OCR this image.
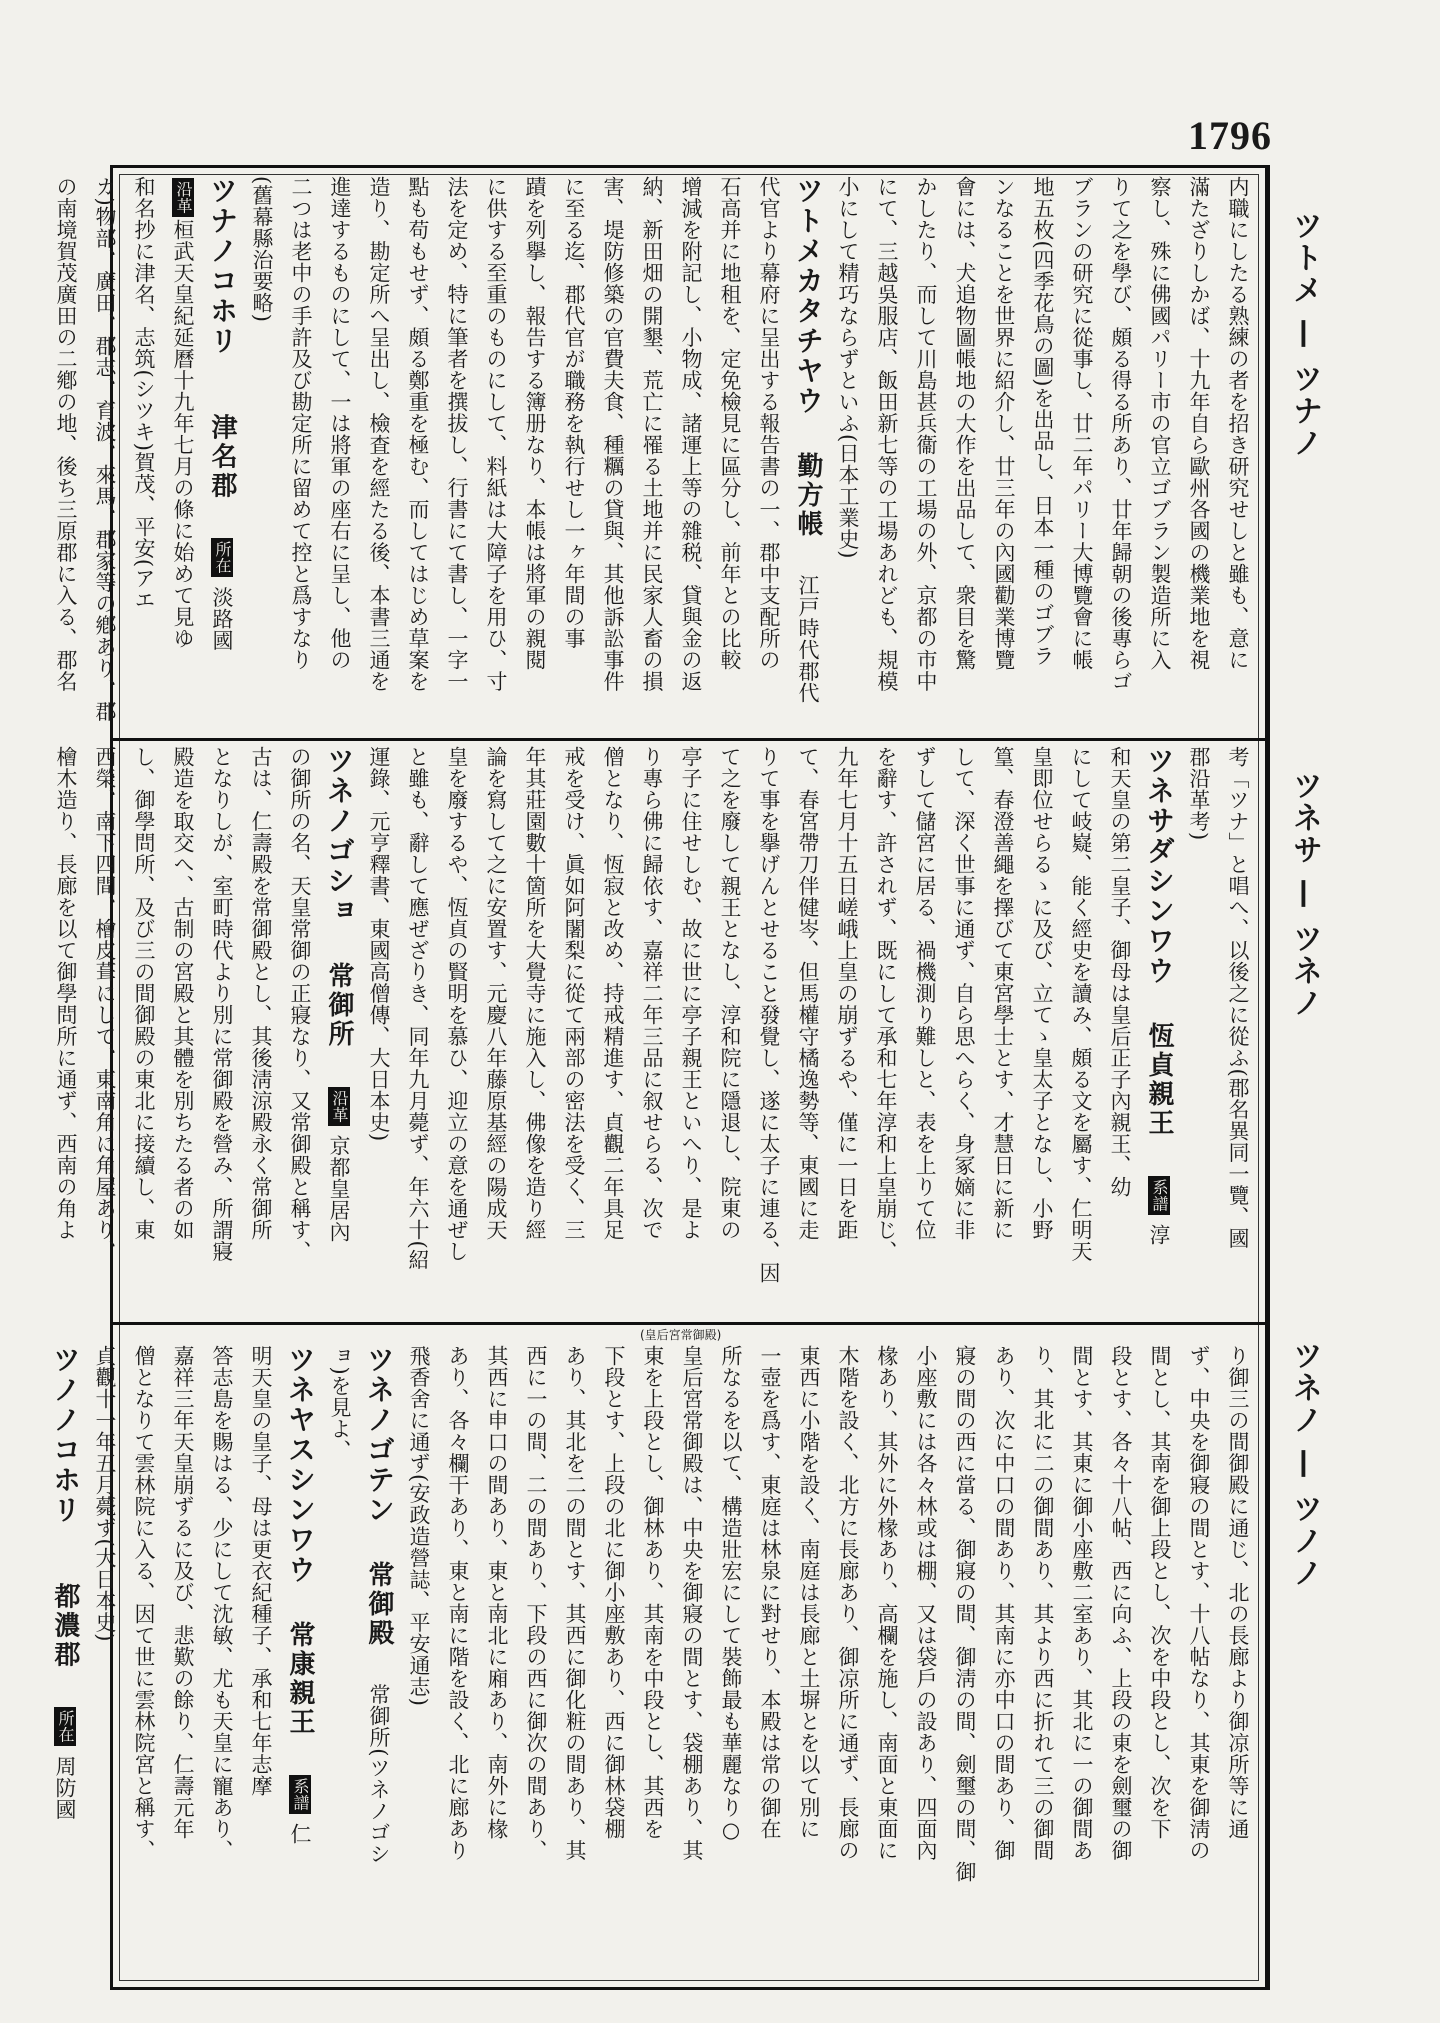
1796
ツトメ — ツナノ
ツネサ — ツネノ
ツネノ — ツノノ
内職にしたる熟練の者を招き研究せしと雖も、意に
滿たざりしかば、十九年自ら歐州各國の機業地を視
察し、殊に佛國パリー市の官立ゴブラン製造所に入
りて之を學び、頗る得る所あり、廿年歸朝の後專らゴ
ブランの研究に從事し、廿二年パリー大博覽會に帳
地五枚(四季花鳥の圖)を出品し、日本一種のゴブラ
ンなることを世界に紹介し、廿三年の內國勸業博覽
會には、犬追物圖帳地の大作を出品して、衆目を驚
かしたり、而して川島甚兵衞の工場の外、京都の市中
にて、三越吳服店、飯田新七等の工場あれども、規模
小にして精巧ならずといふ(日本工業史)
ツトメカタチヤウ 　 勤方帳 　 江戸時代郡代
代官より幕府に呈出する報告書の一、郡中支配所の
石高并に地租を、定免檢見に區分し、前年との比較
增減を附記し、小物成、諸運上等の雜税、貸與金の返
納、新田畑の開墾、荒亡に罹る土地并に民家人畜の損
害、堤防修築の官費夫食、種糲の貸與、其他訴訟事件
に至る迄、郡代官が職務を執行せし一ヶ年間の事
蹟を列擧し、報告する簿册なり、本帳は將軍の親閱
に供する至重のものにして、料紙は大障子を用ひ、寸
法を定め、特に筆者を撰拔し、行書にて書し、一字一
點も苟もせず、頗る鄭重を極む、而してはじめ草案を
造り、勘定所へ呈出し、檢査を經たる後、本書三通を
進達するものにして、一は將軍の座右に呈し、他の
二つは老中の手許及び勘定所に留めて控と爲すなり
(舊幕縣治要略)
ツナノコホリ 　　 津名郡 　 所在 淡路國
沿革桓武天皇紀延曆十九年七月の條に始めて見ゆ
和名抄に津名、志筑(シツキ)賀茂、平安(アエ
カ)物部、廣田、郡志、育波、來馬、郡家等の鄕あり、郡
の南境賀茂廣田の二鄕の地、後ち三原郡に入る、郡名
考「ツナ」と唱へ、以後之に從ふ(郡名異同一覽、國
郡沿革考)
ツネサダシンワウ 　 恆貞親王 　 系譜 淳
和天皇の第二皇子、御母は皇后正子內親王、幼
にして岐嶷、能く經史を讀み、頗る文を屬す、仁明天
皇即位せらるゝに及び、立てゝ皇太子となし、小野
篁、春澄善繩を擇びて東宮學士とす、才慧日に新に
して、深く世事に通ず、自ら思へらく、身冢嫡に非
ずして儲宮に居る、禍機測り難しと、表を上りて位
を辭す、許されず、既にして承和七年淳和上皇崩じ、
九年七月十五日嵯峨上皇の崩ずるや、僅に一日を距
て、春宮帶刀伴健岑、但馬權守橘逸勢等、東國に走
りて事を擧げんとせること發覺し、遂に太子に連る、因
て之を廢して親王となし、淳和院に隱退し、院東の
亭子に住せしむ、故に世に亭子親王といへり、是よ
り專ら佛に歸依す、嘉祥二年三品に叙せらる、次で
僧となり、恆寂と改め、持戒精進す、貞觀二年具足
戒を受け、眞如阿闍梨に從て兩部の密法を受く、三
年其莊園數十箇所を大覺寺に施入し、佛像を造り經
論を寫して之に安置す、元慶八年藤原基經の陽成天
皇を廢するや、恆貞の賢明を慕ひ、迎立の意を通ぜし
と雖も、辭して應ぜざりき、同年九月薨ず、年六十(紹
運錄、元亨釋書、東國高僧傳、大日本史)
ツネノゴショ 　 常御所 　 沿革 京都皇居內
の御所の名、天皇常御の正寢なり、又常御殿と稱す、
古は、仁壽殿を常御殿とし、其後淸涼殿永く常御所
となりしが、室町時代より別に常御殿を營み、所謂寢
殿造を取交へ、古制の宮殿と其體を別ちたる者の如
し、御學問所、及び三の間御殿の東北に接續し、東
西榮、南下四間、檜皮葺にして、東南角に角屋あり、
檜木造り、長廊を以て御學問所に通ず、西南の角よ
(皇后宮常御殿)
り御三の間御殿に通じ、北の長廊より御凉所等に通
ず、中央を御寢の間とす、十八帖なり、其東を御淸の
間とし、其南を御上段とし、次を中段とし、次を下
段とす、各々十八帖、西に向ふ、上段の東を劍璽の御
間とす、其東に御小座敷二室あり、其北に一の御間あ
り、其北に二の御間あり、其より西に折れて三の御間
あり、次に中口の間あり、其南に亦中口の間あり、御
寢の間の西に當る、御寢の間、御淸の間、劍璽の間、御
小座敷には各々林或は棚、又は袋戶の設あり、四面內
椽あり、其外に外椽あり、高欄を施し、南面と東面に
木階を設く、北方に長廊あり、御凉所に通ず、長廊の
東西に小階を設く、南庭は長廊と土塀とを以て別に
一壺を爲す、東庭は林泉に對せり、本殿は常の御在
所なるを以て、構造壯宏にして裝飾最も華麗なり○
皇后宮常御殿は、中央を御寢の間とす、袋棚あり、其
東を上段とし、御林あり、其南を中段とし、其西を
下段とす、上段の北に御小座敷あり、西に御林袋棚
あり、其北を二の間とす、其西に御化粧の間あり、其
西に一の間、二の間あり、下段の西に御次の間あり、
其西に申口の間あり、東と南北に廂あり、南外に椽
あり、各々欄干あり、東と南に階を設く、北に廊あり
飛香舍に通ず(安政造營誌、平安通志)
ツネノゴテン 　 常御殿 　 常御所(ツネノゴシ
ョ)を見よ、
ツネヤスシンワウ 　 常康親王 　 系譜 仁
明天皇の皇子、母は更衣紀種子、承和七年志摩
答志島を賜はる、少にして沈敏、尤も天皇に寵あり、
嘉祥三年天皇崩ずるに及び、悲歎の餘り、仁壽元年
僧となりて雲林院に入る、因て世に雲林院宮と稱す、
貞觀十一年五月薨ず(大日本史)
ツノノコホリ 　　 都濃郡 　 所在 周防國
